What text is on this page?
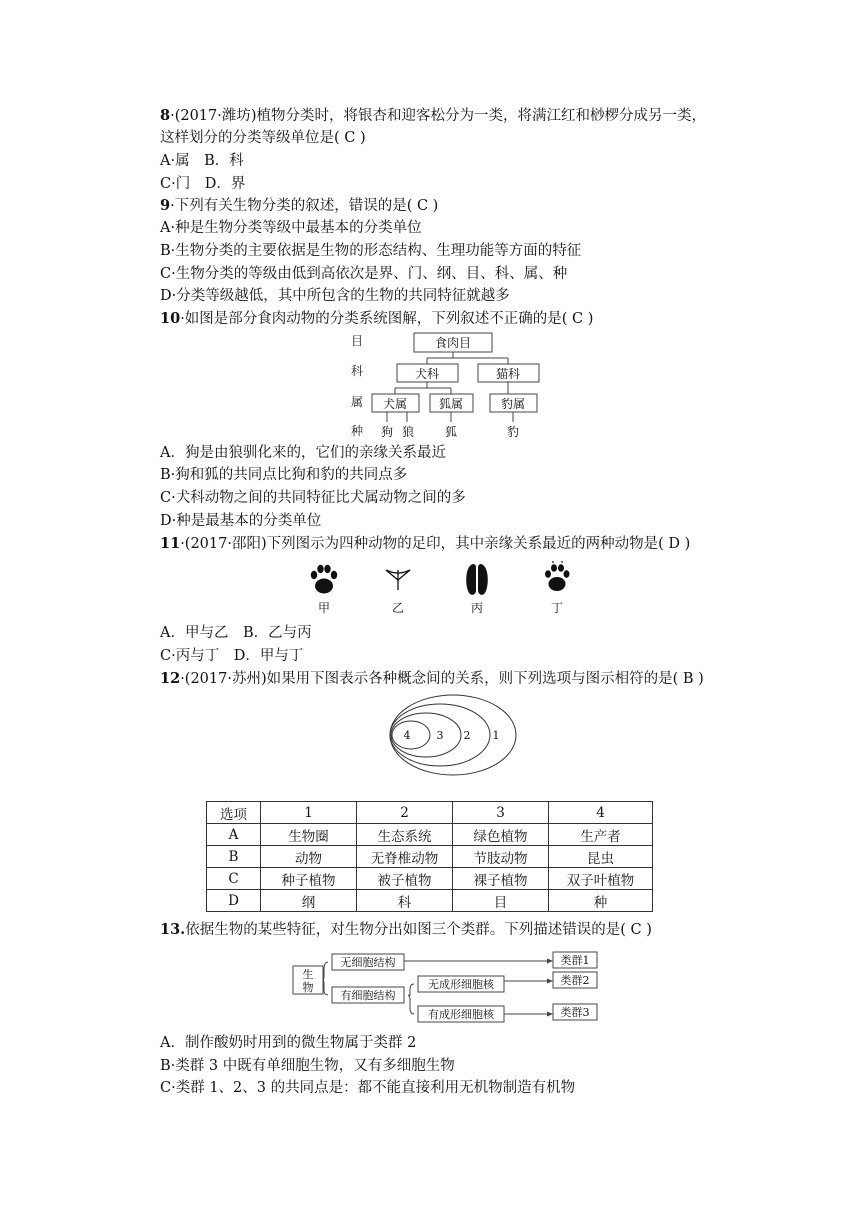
8·(2017·潍坊)植物分类时，将银杏和迎客松分为一类，将满江红和桫椤分成另一类，
这样划分的分类等级单位是( C )
A·属　B．科
C·门　D．界
9·下列有关生物分类的叙述，错误的是( C )
A·种是生物分类等级中最基本的分类单位
B·生物分类的主要依据是生物的形态结构、生理功能等方面的特征
C·生物分类的等级由低到高依次是界、门、纲、目、科、属、种
D·分类等级越低，其中所包含的生物的共同特征就越多
10·如图是部分食肉动物的分类系统图解，下列叙述不正确的是( C )
目
科
属
种
食肉目
犬科	猫科
犬属	狐属	豹属
狗 狼	狐	豹
A．狗是由狼驯化来的，它们的亲缘关系最近
B·狗和狐的共同点比狗和豹的共同点多
C·犬科动物之间的共同特征比犬属动物之间的多
D·种是最基本的分类单位
11·(2017·邵阳)下列图示为四种动物的足印，其中亲缘关系最近的两种动物是( D )
甲	乙	丙	丁
A．甲与乙　B．乙与丙
C·丙与丁　D．甲与丁
12·(2017·苏州)如果用下图表示各种概念间的关系，则下列选项与图示相符的是( B )
4 3 2 1
选项	1	2	3	4
A	生物圈	生态系统	绿色植物	生产者
B	动物	无脊椎动物	节肢动物	昆虫
C	种子植物	被子植物	裸子植物	双子叶植物
D	纲	科	目	种
13.依据生物的某些特征，对生物分出如图三个类群。下列描述错误的是( C )
生物
无细胞结构
有细胞结构
无成形细胞核
有成形细胞核
类群1
类群2
类群3
A．制作酸奶时用到的微生物属于类群 2
B·类群 3 中既有单细胞生物，又有多细胞生物
C·类群 1、2、3 的共同点是：都不能直接利用无机物制造有机物
